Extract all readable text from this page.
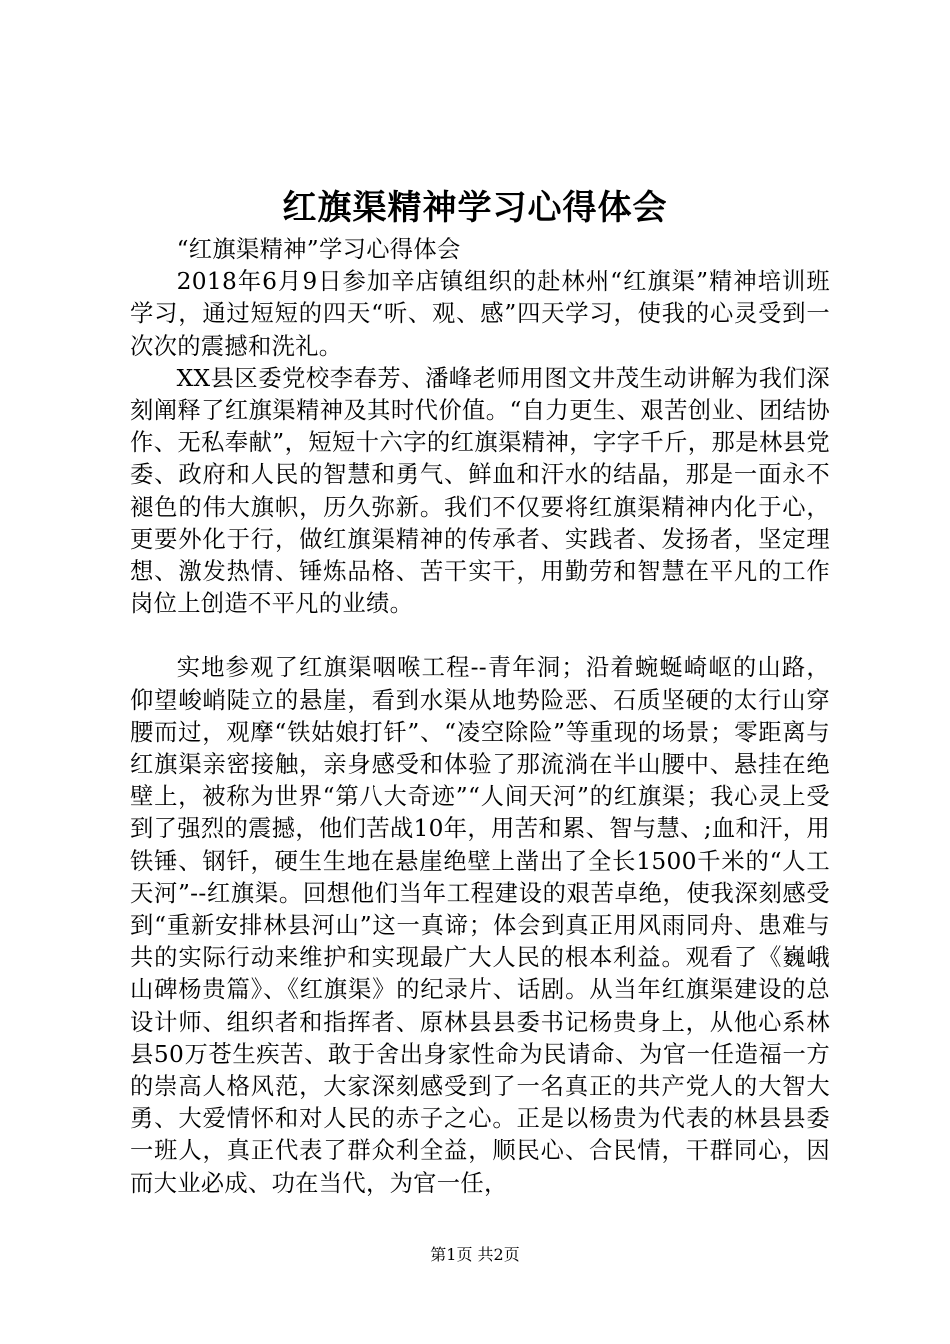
红旗渠精神学习心得体会

“红旗渠精神”学习心得体会

2018年6月9日参加辛店镇组织的赴林州“红旗渠”精神培训班学习，通过短短的四天“听、观、感”四天学习，使我的心灵受到一次次的震撼和洗礼。

XX县区委党校李春芳、潘峰老师用图文井茂生动讲解为我们深刻阐释了红旗渠精神及其时代价值。“自力更生、艰苦创业、团结协作、无私奉献”，短短十六字的红旗渠精神，字字千斤，那是林县党委、政府和人民的智慧和勇气、鲜血和汗水的结晶，那是一面永不褪色的伟大旗帜，历久弥新。我们不仅要将红旗渠精神内化于心，更要外化于行，做红旗渠精神的传承者、实践者、发扬者，坚定理想、激发热情、锤炼品格、苦干实干，用勤劳和智慧在平凡的工作岗位上创造不平凡的业绩。

实地参观了红旗渠咽喉工程--青年洞；沿着蜿蜒崎岖的山路，仰望峻峭陡立的悬崖，看到水渠从地势险恶、石质坚硬的太行山穿腰而过，观摩“铁姑娘打钎”、“凌空除险”等重现的场景；零距离与红旗渠亲密接触，亲身感受和体验了那流淌在半山腰中、悬挂在绝壁上，被称为世界“第八大奇迹”“人间天河”的红旗渠；我心灵上受到了强烈的震撼，他们苦战10年，用苦和累、智与慧、;血和汗，用铁锤、钢钎，硬生生地在悬崖绝壁上凿出了全长1500千米的“人工天河”--红旗渠。回想他们当年工程建设的艰苦卓绝，使我深刻感受到“重新安排林县河山”这一真谛；体会到真正用风雨同舟、患难与共的实际行动来维护和实现最广大人民的根本利益。观看了《巍峨山碑杨贵篇》、《红旗渠》的纪录片、话剧。从当年红旗渠建设的总设计师、组织者和指挥者、原林县县委书记杨贵身上，从他心系林县50万苍生疾苦、敢于舍出身家性命为民请命、为官一任造福一方的崇高人格风范，大家深刻感受到了一名真正的共产党人的大智大勇、大爱情怀和对人民的赤子之心。正是以杨贵为代表的林县县委一班人，真正代表了群众利全益，顺民心、合民情，干群同心，因而大业必成、功在当代，为官一任，

第1页 共2页
